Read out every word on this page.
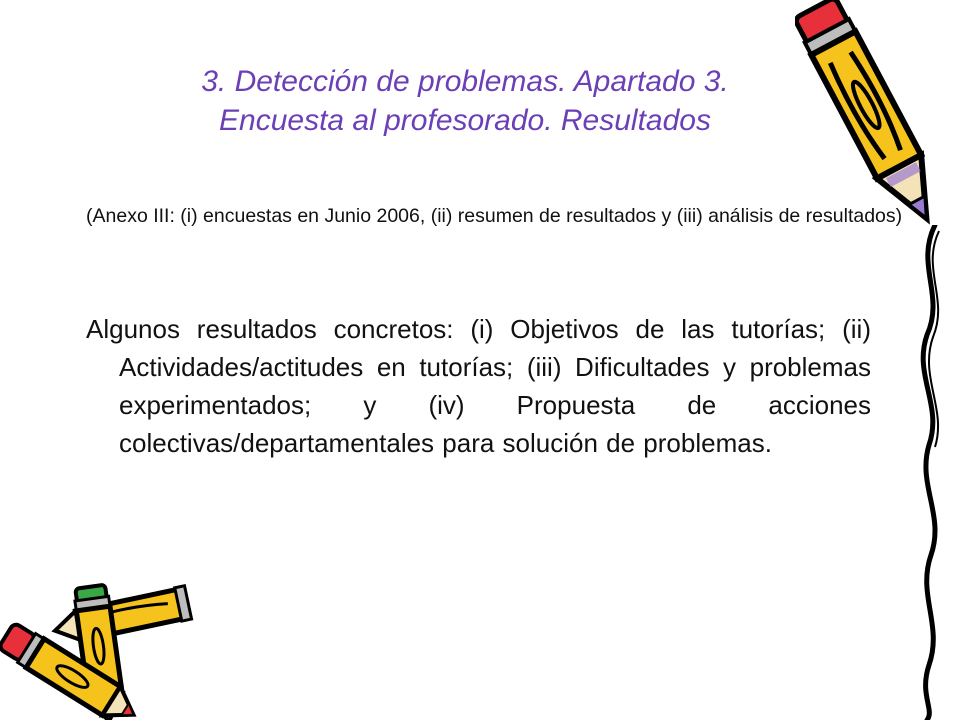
3. Detección de problemas. Apartado 3.
Encuesta al profesorado. Resultados

(Anexo III: (i) encuestas en Junio 2006, (ii) resumen de resultados y (iii) análisis de resultados)

Algunos resultados concretos: (i) Objetivos de las tutorías; (ii) Actividades/actitudes en tutorías; (iii) Dificultades y problemas experimentados; y (iv) Propuesta de acciones colectivas/departamentales para solución de problemas.
